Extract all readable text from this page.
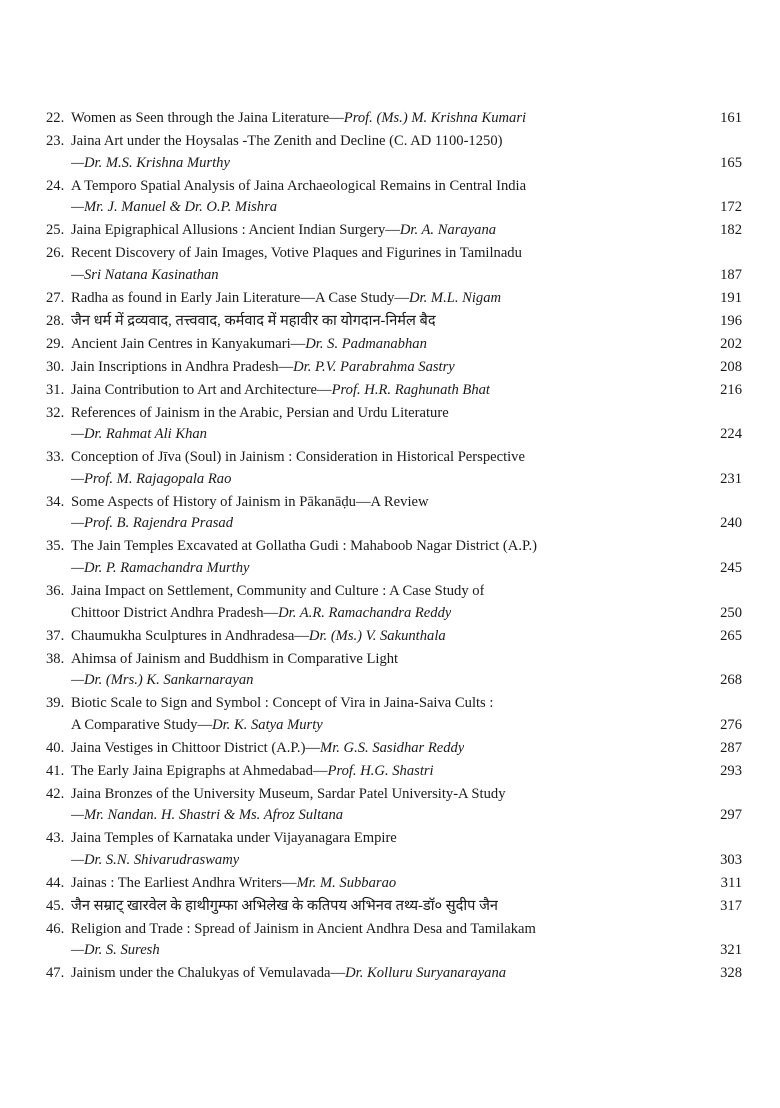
22. Women as Seen through the Jaina Literature—Prof. (Ms.) M. Krishna Kumari	161
23. Jaina Art under the Hoysalas -The Zenith and Decline (C. AD 1100-1250)
—Dr. M.S. Krishna Murthy	165
24. A Temporo Spatial Analysis of Jaina Archaeological Remains in Central India
—Mr. J. Manuel & Dr. O.P. Mishra	172
25. Jaina Epigraphical Allusions : Ancient Indian Surgery—Dr. A. Narayana	182
26. Recent Discovery of Jain Images, Votive Plaques and Figurines in Tamilnadu
—Sri Natana Kasinathan	187
27. Radha as found in Early Jain Literature—A Case Study—Dr. M.L. Nigam	191
28. जैन धर्म में द्रव्यवाद, तत्त्ववाद, कर्मवाद में महावीर का योगदान-निर्मल बैद	196
29. Ancient Jain Centres in Kanyakumari—Dr. S. Padmanabhan	202
30. Jain Inscriptions in Andhra Pradesh—Dr. P.V. Parabrahma Sastry	208
31. Jaina Contribution to Art and Architecture—Prof. H.R. Raghunath Bhat	216
32. References of Jainism in the Arabic, Persian and Urdu Literature
—Dr. Rahmat Ali Khan	224
33. Conception of Jīva (Soul) in Jainism : Consideration in Historical Perspective
—Prof. M. Rajagopala Rao	231
34. Some Aspects of History of Jainism in Pākanāḍu—A Review
—Prof. B. Rajendra Prasad	240
35. The Jain Temples Excavated at Gollatha Gudi : Mahaboob Nagar District (A.P.)
—Dr. P. Ramachandra Murthy	245
36. Jaina Impact on Settlement, Community and Culture : A Case Study of
Chittoor District Andhra Pradesh—Dr. A.R. Ramachandra Reddy	250
37. Chaumukha Sculptures in Andhradesa—Dr. (Ms.) V. Sakunthala	265
38. Ahimsa of Jainism and Buddhism in Comparative Light
—Dr. (Mrs.) K. Sankarnarayan	268
39. Biotic Scale to Sign and Symbol : Concept of Vira in Jaina-Saiva Cults :
A Comparative Study—Dr. K. Satya Murty	276
40. Jaina Vestiges in Chittoor District (A.P.)—Mr. G.S. Sasidhar Reddy	287
41. The Early Jaina Epigraphs at Ahmedabad—Prof. H.G. Shastri	293
42. Jaina Bronzes of the University Museum, Sardar Patel University-A Study
—Mr. Nandan. H. Shastri & Ms. Afroz Sultana	297
43. Jaina Temples of Karnataka under Vijayanagara Empire
—Dr. S.N. Shivarudraswamy	303
44. Jainas : The Earliest Andhra Writers—Mr. M. Subbarao	311
45. जैन सम्राट् खारवेल के हाथीगुम्फा अभिलेख के कतिपय अभिनव तथ्य-डॉ० सुदीप जैन	317
46. Religion and Trade : Spread of Jainism in Ancient Andhra Desa and Tamilakam
—Dr. S. Suresh	321
47. Jainism under the Chalukyas of Vemulavada—Dr. Kolluru Suryanarayana	328
